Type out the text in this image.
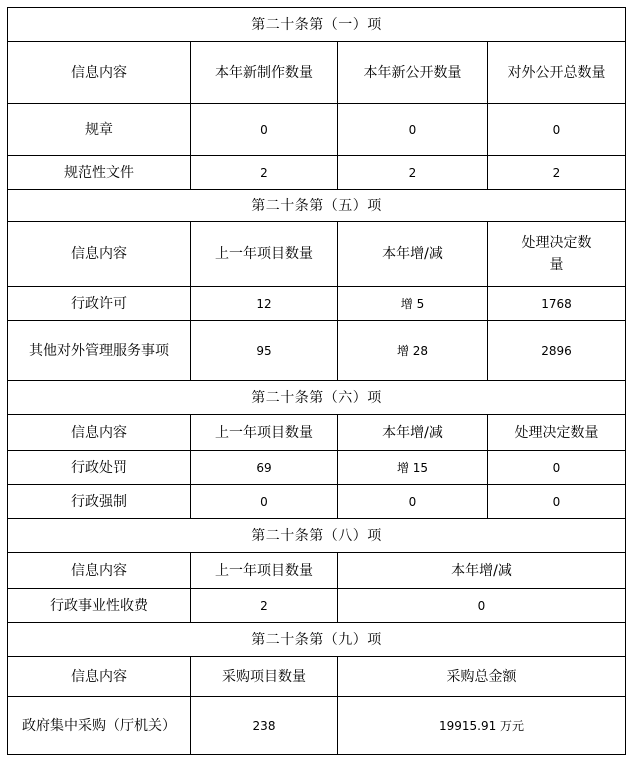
第二十条第（一）项			
信息内容	本年新制作数量	本年新公开数量	对外公开总数量
规章	0	0	0
规范性文件	2	2	2
第二十条第（五）项			
信息内容	上一年项目数量	本年增/减	处理决定数量
行政许可	12	增 5	1768
其他对外管理服务事项	95	增 28	2896
第二十条第（六）项			
信息内容	上一年项目数量	本年增/减	处理决定数量
行政处罚	69	增 15	0
行政强制	0	0	0
第二十条第（八）项			
信息内容	上一年项目数量	本年增/减	
行政事业性收费	2	0	
第二十条第（九）项			
信息内容	采购项目数量	采购总金额	
政府集中采购（厅机关）	238	19915.91 万元	
